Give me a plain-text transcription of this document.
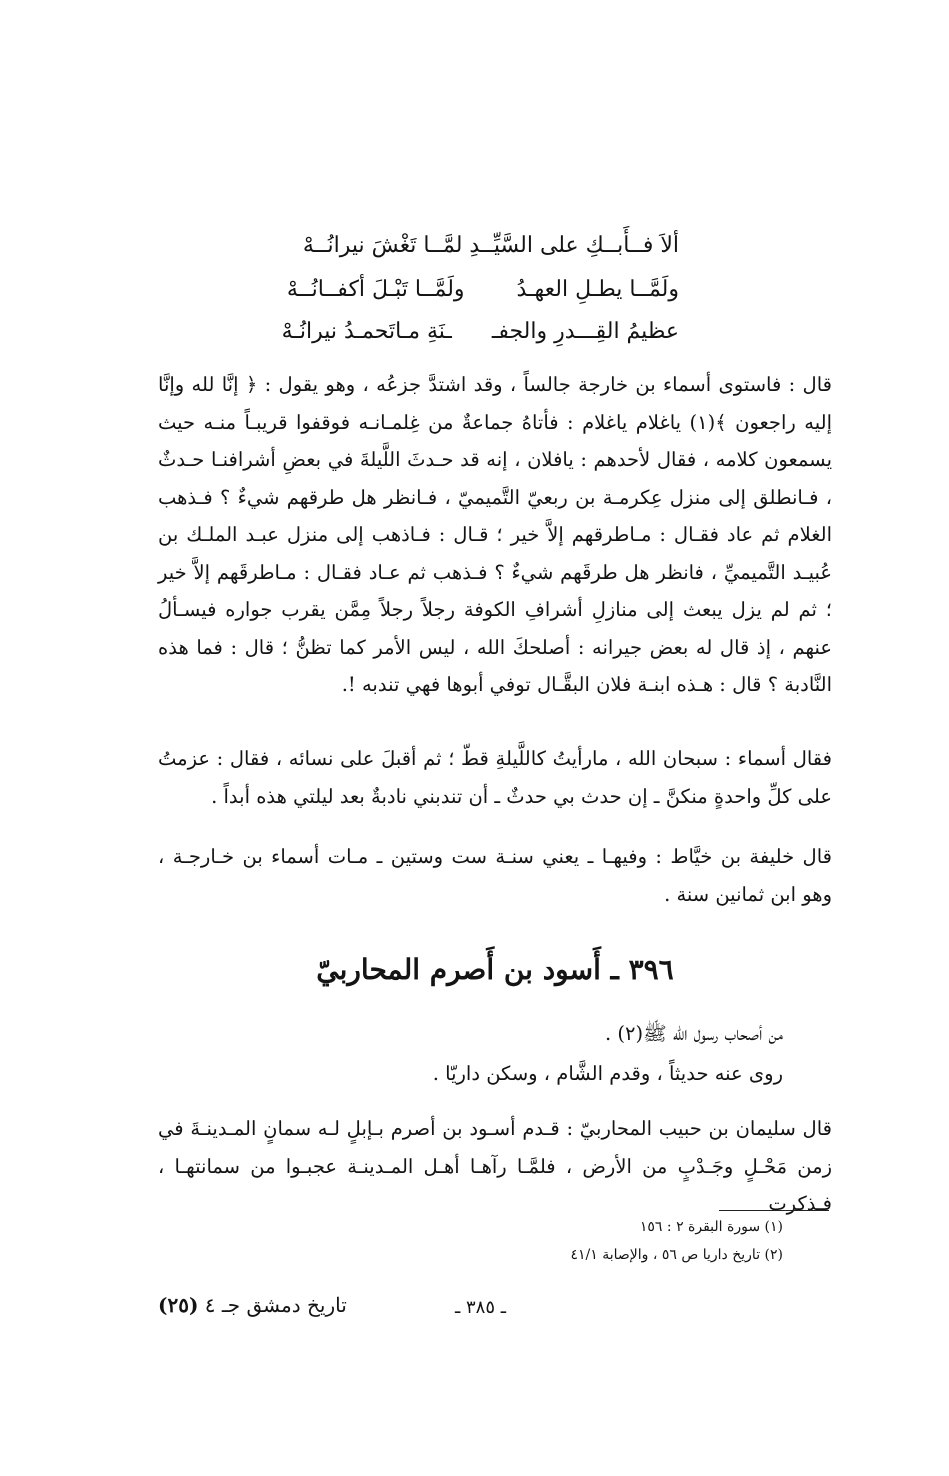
ألاَ فــأَبــكِ على السَّيِّــدِ لمَّــا تَغْشَ نيرانُــهْ
ولَمَّــا يطـلِ العهـدُولَمَّــا تَبْـلَ أكفــانُــهْ
عظيمُ القِـــدرِ والجفــنَةِ مـاتَحمـدُ نيرانُـهْ

قال : فاستوى أسماء بن خارجة جالساً ، وقد اشتدَّ جزعُه ، وهو يقول : ﴿ إنَّا لله وإنَّا إليه راجعون ﴾(١) ياغلام ياغلام : فأتاهُ جماعةٌ من غِلمـانـه فوقفوا قريبـاً منـه حيث يسمعون كلامه ، فقال لأحدهم : يافلان ، إنه قد حـدثَ اللَّيلةَ في بعضِ أشرافنـا حـدثٌ ، فـانطلق إلى منزل عِكرمـة بن ربعيّ التَّميميّ ، فـانظر هل طرقهم شيءٌ ؟ فـذهب الغلام ثم عاد فقـال : مـاطرقهم إلاَّ خير ؛ قـال : فـاذهب إلى منزل عبـد الملـك بن عُبيـد التَّميميِّ ، فانظر هل طرقَهم شيءٌ ؟ فـذهب ثم عـاد فقـال : مـاطرقَهم إلاَّ خير ؛ ثم لم يزل يبعث إلى منازلِ أشرافِ الكوفة رجلاً رجلاً مِمَّن يقرب جواره فيسـألُ عنهم ، إذ قال له بعض جيرانه : أصلحكَ الله ، ليس الأمر كما تظنُّ ؛ قال : فما هذه النَّادبة ؟ قال : هـذه ابنـة فلان البقَّـال توفي أبوها فهي تندبه !.

فقال أسماء : سبحان الله ، مارأيتُ كاللَّيلةِ قطّ ؛ ثم أقبلَ على نسائه ، فقال : عزمتُ على كلِّ واحدةٍ منكنَّ ـ إن حدث بي حدثٌ ـ أن تندبني نادبةٌ بعد ليلتي هذه أبداً .

قال خليفة بن خيَّاط : وفيهـا ـ يعني سنـة ست وستين ـ مـات أسماء بن خـارجـة ، وهو ابن ثمانين سنة .

٣٩٦ ـ أَسود بن أَصرم المحاربيّ
من أصحاب رسول الله ﷺ(٢) .
روى عنه حديثاً ، وقدم الشَّام ، وسكن داريّا .

قال سليمان بن حبيب المحاربيّ : قـدم أسـود بن أصرم بـإبلٍ لـه سمانٍ المـدينـةَ في زمن مَحْـلٍ وجَـدْبٍ من الأرض ، فلمَّـا رآهـا أهـل المـدينـة عجبـوا من سمانتهـا ، فـذكرت

(١) سورة البقرة ٢ : ١٥٦
(٢) تاريخ داريا ص ٥٦ ، والإصابة ٤١/١
تاريخ دمشق جـ ٤ (٢٥)	ـ ٣٨٥ ـ
